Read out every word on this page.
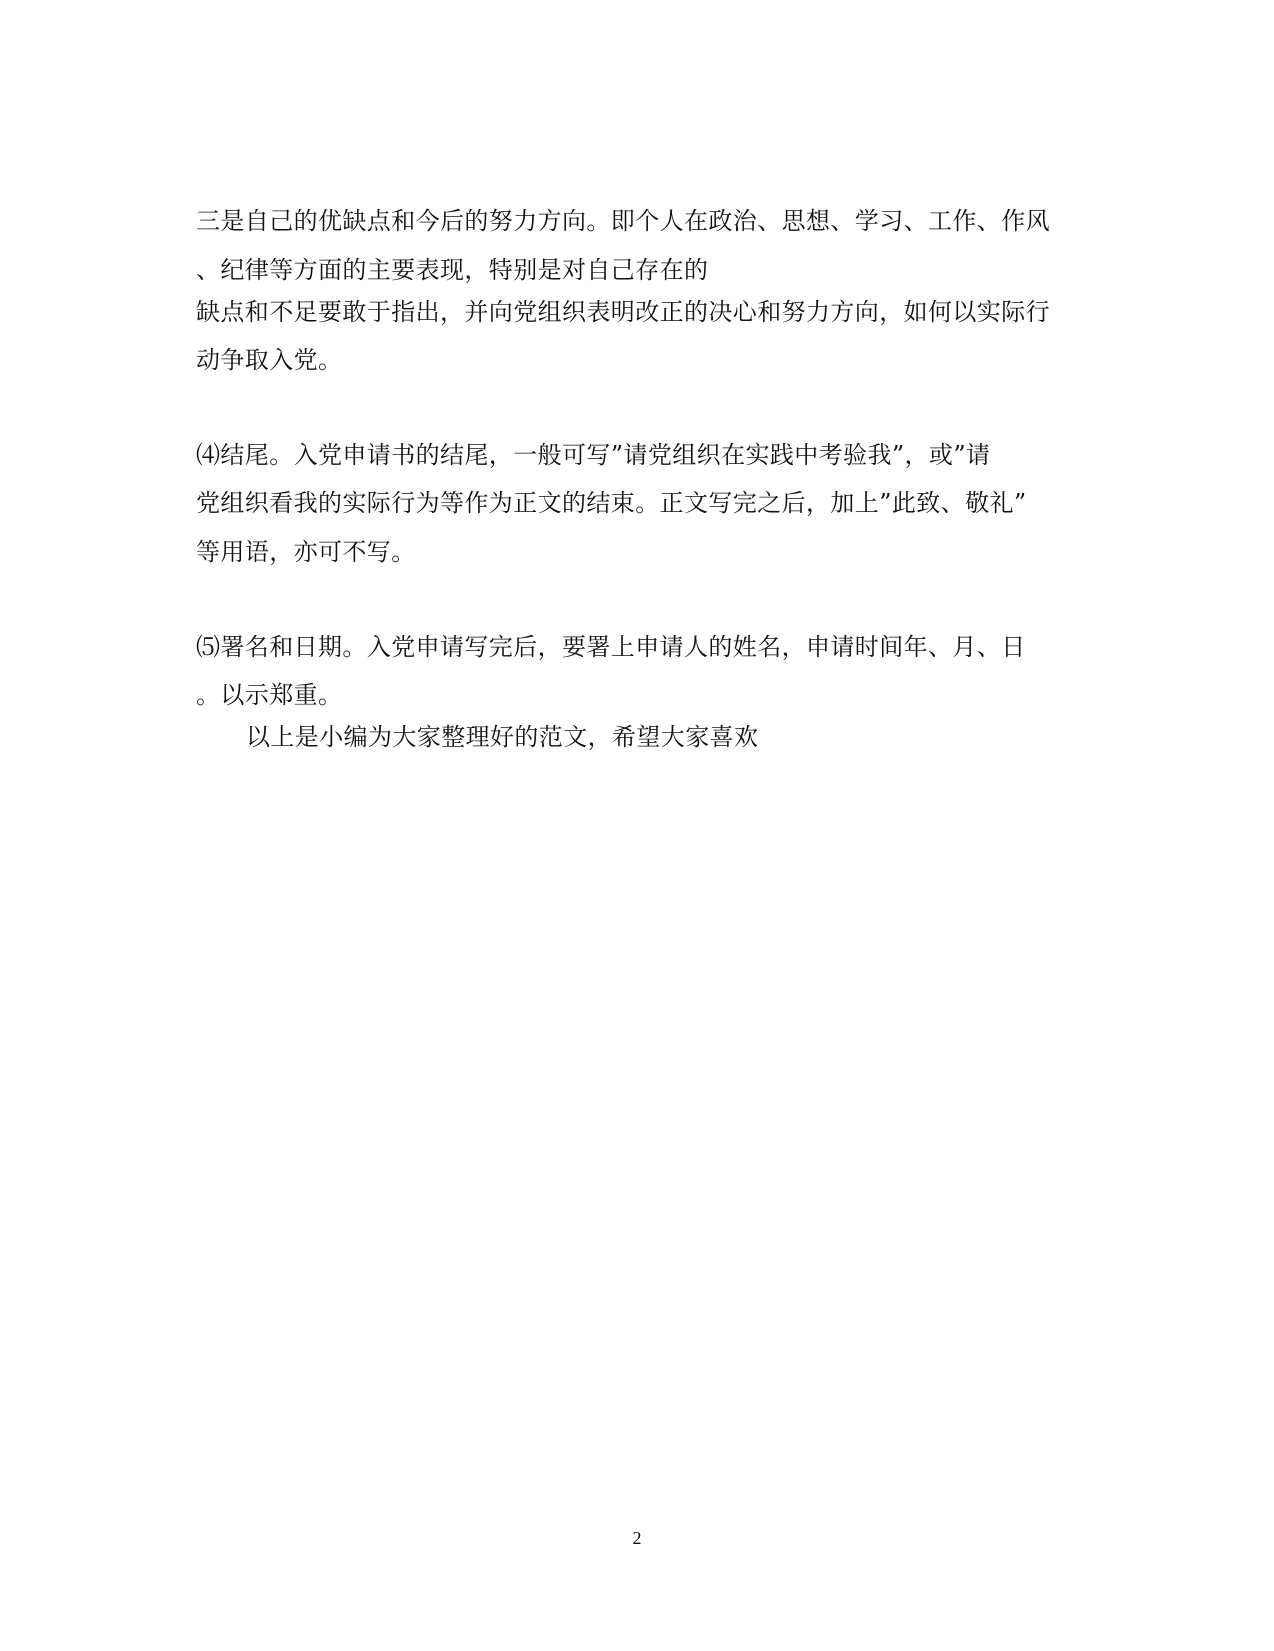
三是自己的优缺点和今后的努力方向。即个人在政治、思想、学习、工作、作风
、纪律等方面的主要表现，特别是对自己存在的
缺点和不足要敢于指出，并向党组织表明改正的决心和努力方向，如何以实际行
动争取入党。
⑷结尾。入党申请书的结尾，一般可写”请党组织在实践中考验我”，或”请
党组织看我的实际行为等作为正文的结束。正文写完之后，加上”此致、敬礼”
等用语，亦可不写。
⑸署名和日期。入党申请写完后，要署上申请人的姓名，申请时间年、月、日
。以示郑重。
以上是小编为大家整理好的范文，希望大家喜欢
2
